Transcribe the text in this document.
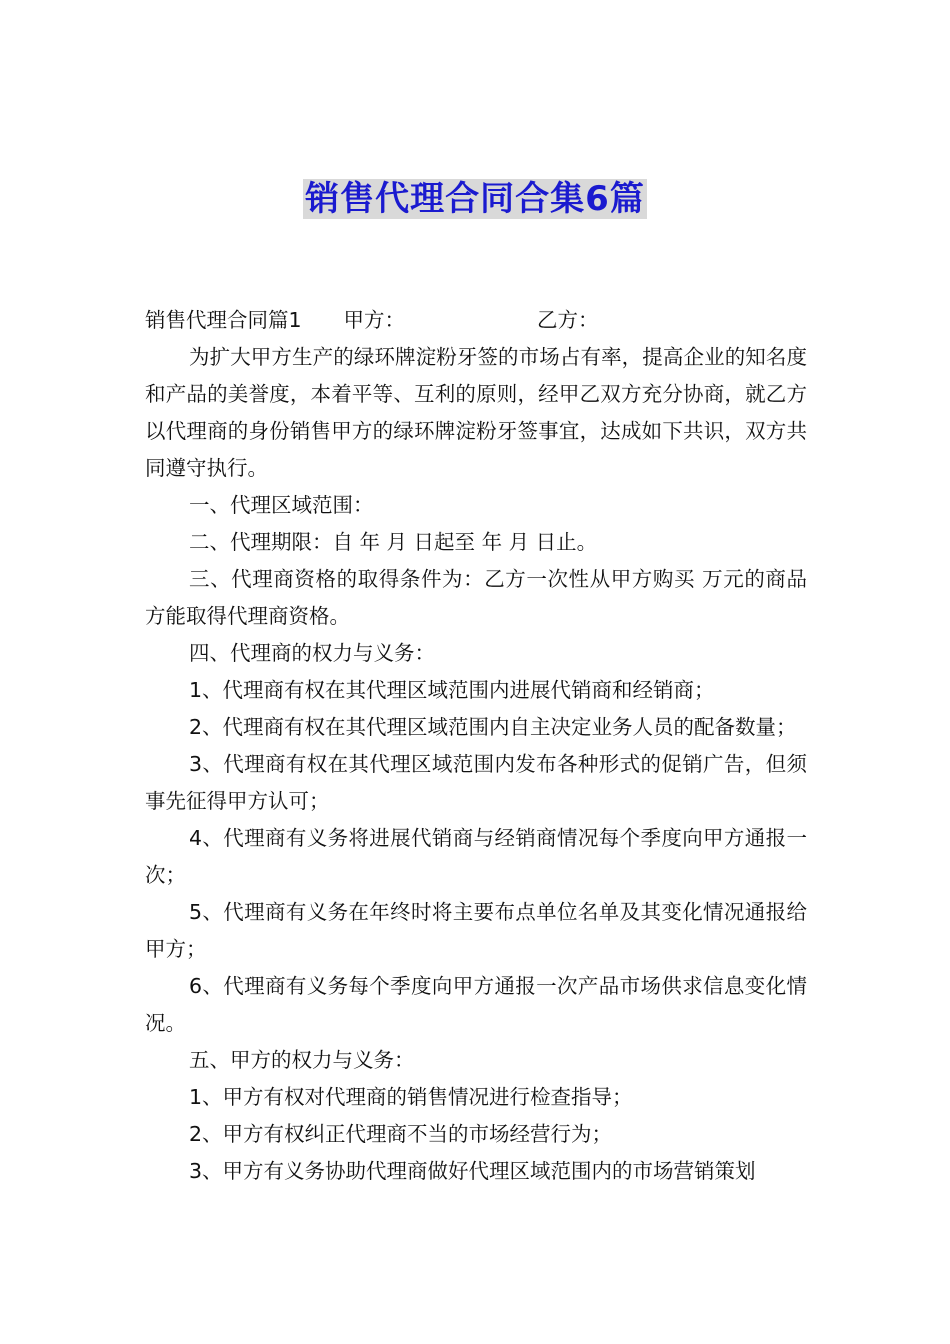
销售代理合同合集6篇

销售代理合同篇1 甲方：	乙方：

为扩大甲方生产的绿环牌淀粉牙签的市场占有率，提高企业的知名度和产品的美誉度，本着平等、互利的原则，经甲乙双方充分协商，就乙方以代理商的身份销售甲方的绿环牌淀粉牙签事宜，达成如下共识，双方共同遵守执行。

一、代理区域范围：

二、代理期限：自 年 月 日起至 年 月 日止。

三、代理商资格的取得条件为：乙方一次性从甲方购买 万元的商品方能取得代理商资格。

四、代理商的权力与义务：

1、代理商有权在其代理区域范围内进展代销商和经销商；

2、代理商有权在其代理区域范围内自主决定业务人员的配备数量；

3、代理商有权在其代理区域范围内发布各种形式的促销广告，但须事先征得甲方认可；

4、代理商有义务将进展代销商与经销商情况每个季度向甲方通报一次；

5、代理商有义务在年终时将主要布点单位名单及其变化情况通报给甲方；

6、代理商有义务每个季度向甲方通报一次产品市场供求信息变化情况。

五、甲方的权力与义务：

1、甲方有权对代理商的销售情况进行检查指导；

2、甲方有权纠正代理商不当的市场经营行为；

3、甲方有义务协助代理商做好代理区域范围内的市场营销策划
